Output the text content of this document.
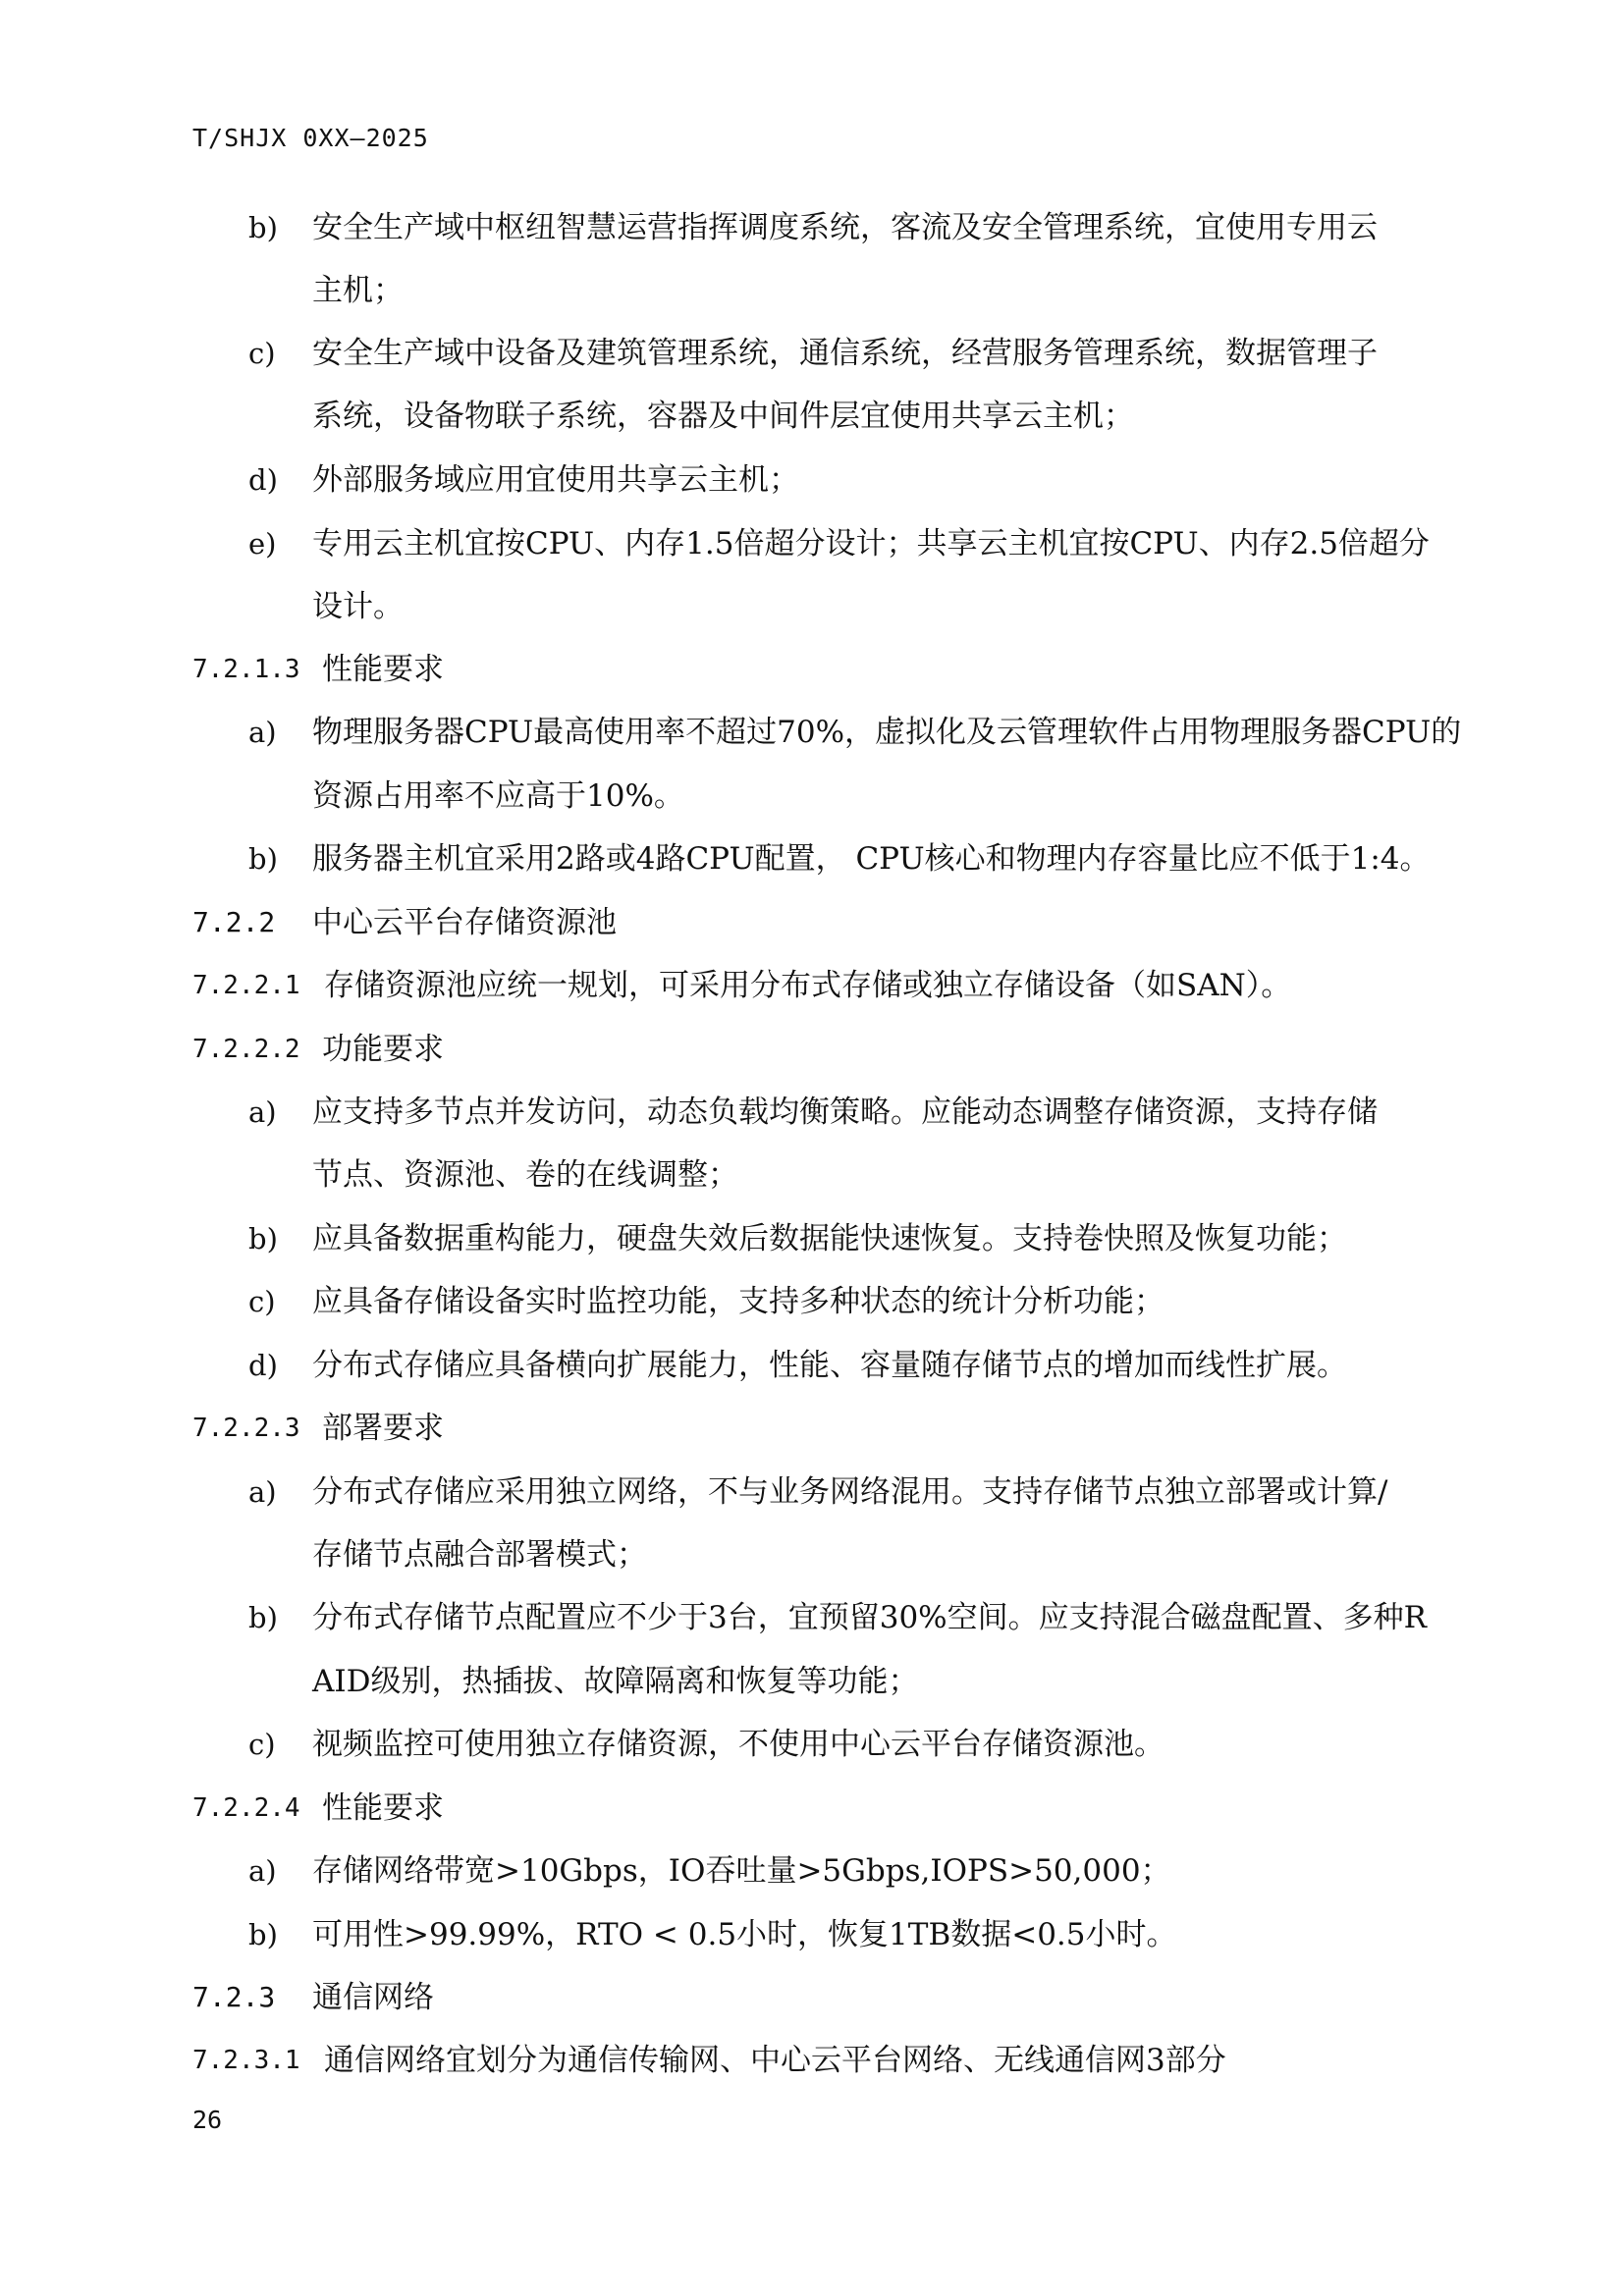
T/SHJX 0XX—2025
b) 安全生产域中枢纽智慧运营指挥调度系统，客流及安全管理系统，宜使用专用云
主机；
c) 安全生产域中设备及建筑管理系统，通信系统，经营服务管理系统，数据管理子
系统，设备物联子系统，容器及中间件层宜使用共享云主机；
d) 外部服务域应用宜使用共享云主机；
e) 专用云主机宜按CPU、内存1.5倍超分设计；共享云主机宜按CPU、内存2.5倍超分
设计。
7.2.1.3 性能要求
a) 物理服务器CPU最高使用率不超过70%，虚拟化及云管理软件占用物理服务器CPU的
资源占用率不应高于10%。
b) 服务器主机宜采用2路或4路CPU配置， CPU核心和物理内存容量比应不低于1:4。
7.2.2 中心云平台存储资源池
7.2.2.1 存储资源池应统一规划，可采用分布式存储或独立存储设备（如SAN）。
7.2.2.2 功能要求
a) 应支持多节点并发访问，动态负载均衡策略。应能动态调整存储资源，支持存储
节点、资源池、卷的在线调整；
b) 应具备数据重构能力，硬盘失效后数据能快速恢复。支持卷快照及恢复功能；
c) 应具备存储设备实时监控功能，支持多种状态的统计分析功能；
d) 分布式存储应具备横向扩展能力，性能、容量随存储节点的增加而线性扩展。
7.2.2.3 部署要求
a) 分布式存储应采用独立网络，不与业务网络混用。支持存储节点独立部署或计算/
存储节点融合部署模式；
b) 分布式存储节点配置应不少于3台，宜预留30%空间。应支持混合磁盘配置、多种R
AID级别，热插拔、故障隔离和恢复等功能；
c) 视频监控可使用独立存储资源，不使用中心云平台存储资源池。
7.2.2.4 性能要求
a) 存储网络带宽>10Gbps，IO吞吐量>5Gbps,IOPS>50,000；
b) 可用性>99.99%，RTO < 0.5小时，恢复1TB数据<0.5小时。
7.2.3 通信网络
7.2.3.1 通信网络宜划分为通信传输网、中心云平台网络、无线通信网3部分
26
